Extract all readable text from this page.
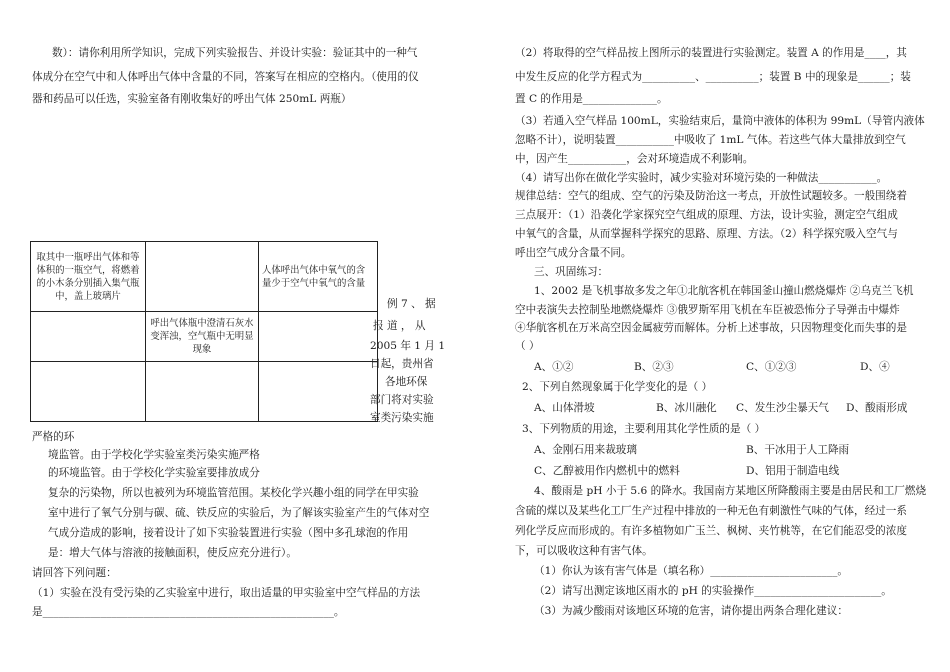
数）：请你利用所学知识，完成下列实验报告、并设计实验：验证其中的一种气
体成分在空气中和人体呼出气体中含量的不同，答案写在相应的空格内。（使用的仪
器和药品可以任选，实验室备有刚收集好的呼出气体 250mL 两瓶）
取其中一瓶呼出气体和等体积的一瓶空气，将燃着的小木条分别插入集气瓶中，盖上玻璃片		人体呼出气体中氧气的含量少于空气中氧气的含量
	呼出气体瓶中澄清石灰水变浑浊，空气瓶中无明显现象	

例 7 、 据
报 道 ， 从
2005 年 1 月 1
日起，贵州省
各地环保
部门将对实验
室类污染实施
严格的环
境监管。由于学校化学实验室类污染实施严格
的环境监管。由于学校化学实验室要排放成分
复杂的污染物，所以也被列为环境监管范围。某校化学兴趣小组的同学在甲实验
室中进行了氧气分别与碳、硫、铁反应的实验后，为了解该实验室产生的气体对空
气成分造成的影响，接着设计了如下实验装置进行实验（图中多孔球泡的作用
是：增大气体与溶液的接触面积，使反应充分进行）。
请回答下列问题：
（1）实验在没有受污染的乙实验室中进行，取出适量的甲实验室中空气样品的方法
是_______________________________________________________。
（2）将取得的空气样品按上图所示的装置进行实验测定。装置 A 的作用是____，其
中发生反应的化学方程式为__________、__________；装置 B 中的现象是______；装
置 C 的作用是______________。
（3）若通入空气样品 100mL，实验结束后，量筒中液体的体积为 99mL（导管内液体
忽略不计），说明装置___________中吸收了 1mL 气体。若这些气体大量排放到空气
中，因产生___________，会对环境造成不利影响。
（4）请写出你在做化学实验时，减少实验对环境污染的一种做法___________。
规律总结：空气的组成、空气的污染及防治这一考点，开放性试题较多。一般围绕着
三点展开：（1）沿袭化学家探究空气组成的原理、方法，设计实验，测定空气组成
中氧气的含量，从而掌握科学探究的思路、原理、方法。（2）科学探究吸入空气与
呼出空气成分含量不同。
三、巩固练习：
1、2002 是飞机事故多发之年①北航客机在韩国釜山撞山燃烧爆炸 ②乌克兰飞机
空中表演失去控制坠地燃烧爆炸 ③俄罗斯军用飞机在车臣被恐怖分子导弹击中爆炸
④华航客机在万米高空因金属疲劳而解体。分析上述事故，只因物理变化而失事的是
（ ）
A、①②	B、②③	C、①②③	D、④
2、下列自然现象属于化学变化的是（ ）
A、山体滑坡	B、冰川融化 C、发生沙尘暴天气 D、酸雨形成
3、下列物质的用途，主要利用其化学性质的是（ ）
A、金刚石用来裁玻璃	B、干冰用于人工降雨
C、乙醇被用作内燃机中的燃料	D、铝用于制造电线
4、酸雨是 pH 小于 5.6 的降水。我国南方某地区所降酸雨主要是由居民和工厂燃烧
含硫的煤以及某些化工厂生产过程中排放的一种无色有刺激性气味的气体，经过一系
列化学反应而形成的。有许多植物如广玉兰、枫树、夹竹桃等，在它们能忍受的浓度
下，可以吸收这种有害气体。
（1）你认为该有害气体是（填名称）________________________。
（2）请写出测定该地区雨水的 pH 的实验操作________________________。
（3）为减少酸雨对该地区环境的危害，请你提出两条合理化建议：
